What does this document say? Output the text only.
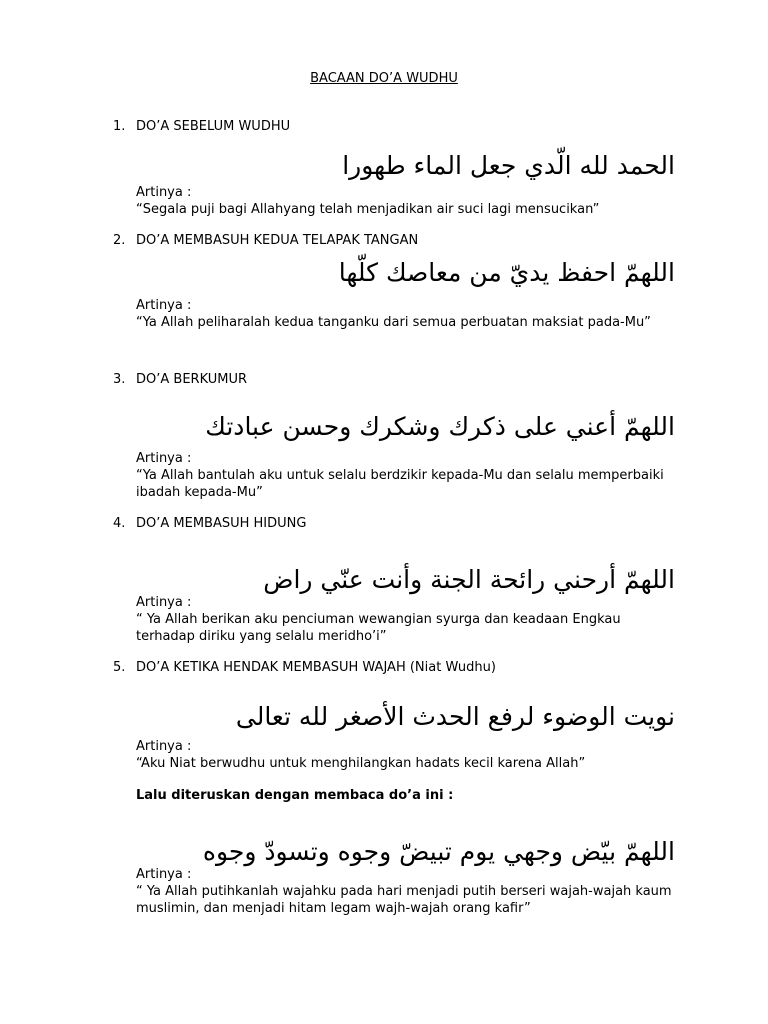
BACAAN DO’A WUDHU
1. DO’A SEBELUM WUDHU
الحمد لله الّدي جعل الماء طهورا
Artinya :
“Segala puji bagi Allahyang telah menjadikan air suci lagi mensucikan”
2. DO’A MEMBASUH KEDUA TELAPAK TANGAN
اللهمّ احفظ يديّ من معاصك كلّها
Artinya :
“Ya Allah peliharalah kedua tanganku dari semua perbuatan maksiat pada-Mu”
3. DO’A BERKUMUR
اللهمّ أعني على ذكرك وشكرك وحسن عبادتك
Artinya :
“Ya Allah bantulah aku untuk selalu berdzikir kepada-Mu dan selalu memperbaiki ibadah kepada-Mu”
4. DO’A MEMBASUH HIDUNG
اللهمّ أرحني رائحة الجنة وأنت عنّي راض
Artinya :
“ Ya Allah berikan aku penciuman wewangian syurga dan keadaan Engkau terhadap diriku yang selalu meridho’i”
5. DO’A KETIKA HENDAK MEMBASUH WAJAH (Niat Wudhu)
نويت الوضوء لرفع الحدث الأصغر لله تعالى
Artinya :
“Aku Niat berwudhu untuk menghilangkan hadats kecil karena Allah”
Lalu diteruskan dengan membaca do’a ini :
اللهمّ بيّض وجهي يوم تبيضّ وجوه وتسودّ وجوه
Artinya :
“ Ya Allah putihkanlah wajahku pada hari menjadi putih berseri wajah-wajah kaum muslimin, dan menjadi hitam legam wajh-wajah orang kafir”
